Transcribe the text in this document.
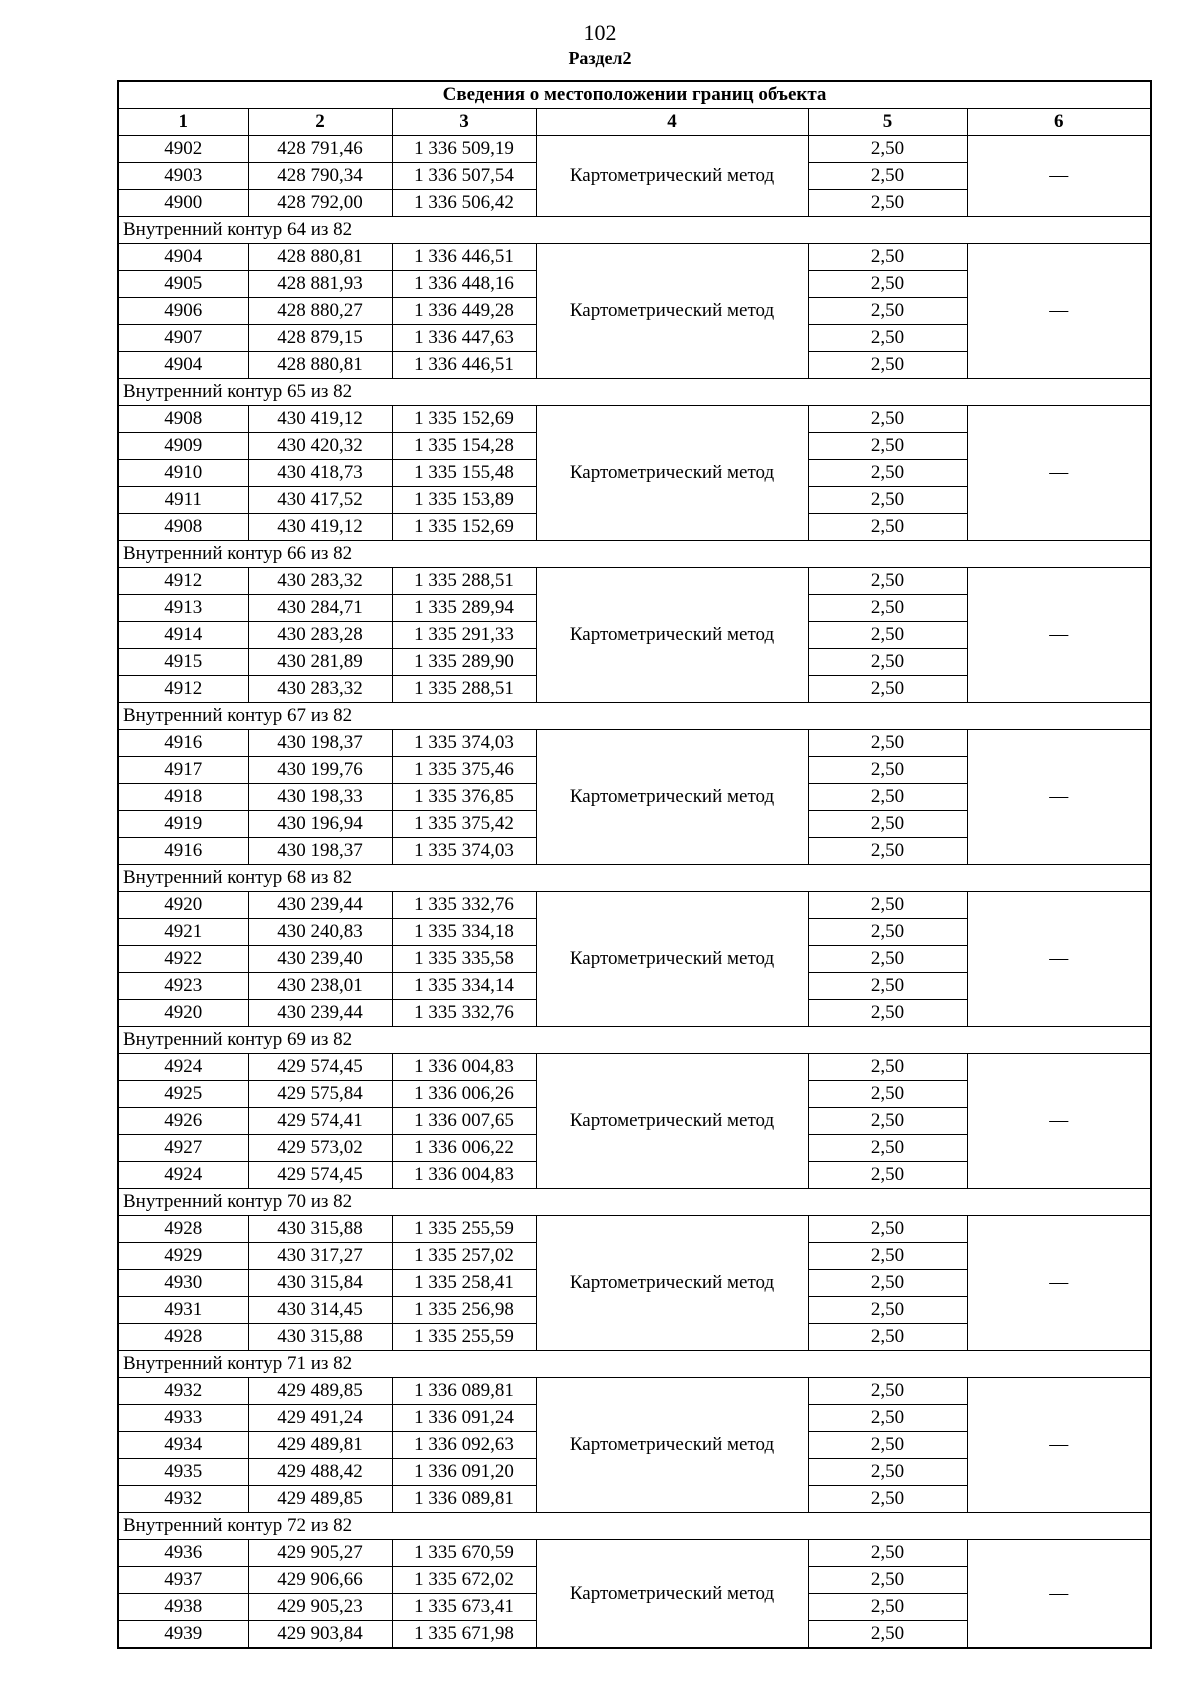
102
Раздел2
Сведения о местоположении границ объекта					
1	2	3	4	5	6
4902	428 791,46	1 336 509,19	Картометрический метод	2,50	—
4903	428 790,34	1 336 507,54		2,50	
4900	428 792,00	1 336 506,42		2,50	
Внутренний контур 64 из 82					
4904	428 880,81	1 336 446,51	Картометрический метод	2,50	—
4905	428 881,93	1 336 448,16		2,50	
4906	428 880,27	1 336 449,28		2,50	
4907	428 879,15	1 336 447,63		2,50	
4904	428 880,81	1 336 446,51		2,50	
Внутренний контур 65 из 82					
4908	430 419,12	1 335 152,69	Картометрический метод	2,50	—
4909	430 420,32	1 335 154,28		2,50	
4910	430 418,73	1 335 155,48		2,50	
4911	430 417,52	1 335 153,89		2,50	
4908	430 419,12	1 335 152,69		2,50	
Внутренний контур 66 из 82					
4912	430 283,32	1 335 288,51	Картометрический метод	2,50	—
4913	430 284,71	1 335 289,94		2,50	
4914	430 283,28	1 335 291,33		2,50	
4915	430 281,89	1 335 289,90		2,50	
4912	430 283,32	1 335 288,51		2,50	
Внутренний контур 67 из 82					
4916	430 198,37	1 335 374,03	Картометрический метод	2,50	—
4917	430 199,76	1 335 375,46		2,50	
4918	430 198,33	1 335 376,85		2,50	
4919	430 196,94	1 335 375,42		2,50	
4916	430 198,37	1 335 374,03		2,50	
Внутренний контур 68 из 82					
4920	430 239,44	1 335 332,76	Картометрический метод	2,50	—
4921	430 240,83	1 335 334,18		2,50	
4922	430 239,40	1 335 335,58		2,50	
4923	430 238,01	1 335 334,14		2,50	
4920	430 239,44	1 335 332,76		2,50	
Внутренний контур 69 из 82					
4924	429 574,45	1 336 004,83	Картометрический метод	2,50	—
4925	429 575,84	1 336 006,26		2,50	
4926	429 574,41	1 336 007,65		2,50	
4927	429 573,02	1 336 006,22		2,50	
4924	429 574,45	1 336 004,83		2,50	
Внутренний контур 70 из 82					
4928	430 315,88	1 335 255,59	Картометрический метод	2,50	—
4929	430 317,27	1 335 257,02		2,50	
4930	430 315,84	1 335 258,41		2,50	
4931	430 314,45	1 335 256,98		2,50	
4928	430 315,88	1 335 255,59		2,50	
Внутренний контур 71 из 82					
4932	429 489,85	1 336 089,81	Картометрический метод	2,50	—
4933	429 491,24	1 336 091,24		2,50	
4934	429 489,81	1 336 092,63		2,50	
4935	429 488,42	1 336 091,20		2,50	
4932	429 489,85	1 336 089,81		2,50	
Внутренний контур 72 из 82					
4936	429 905,27	1 335 670,59	Картометрический метод	2,50	—
4937	429 906,66	1 335 672,02		2,50	
4938	429 905,23	1 335 673,41		2,50	
4939	429 903,84	1 335 671,98		2,50	
